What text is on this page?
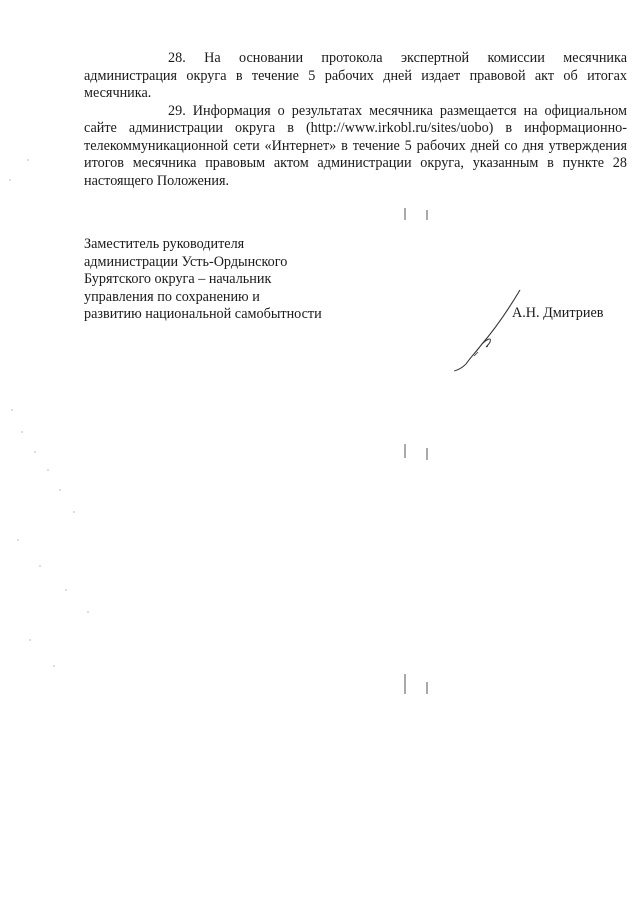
28. На основании протокола экспертной комиссии месячника администрация округа в течение 5 рабочих дней издает правовой акт об итогах месячника.

29. Информация о результатах месячника размещается на официальном сайте администрации округа в (http://www.irkobl.ru/sites/uobo) в информационно-телекоммуникационной сети «Интернет» в течение 5 рабочих дней со дня утверждения итогов месячника правовым актом администрации округа, указанным в пункте 28 настоящего Положения.

Заместитель руководителя
администрации Усть-Ордынского
Бурятского округа – начальник
управления по сохранению и
развитию национальной самобытности	А.Н. Дмитриев
